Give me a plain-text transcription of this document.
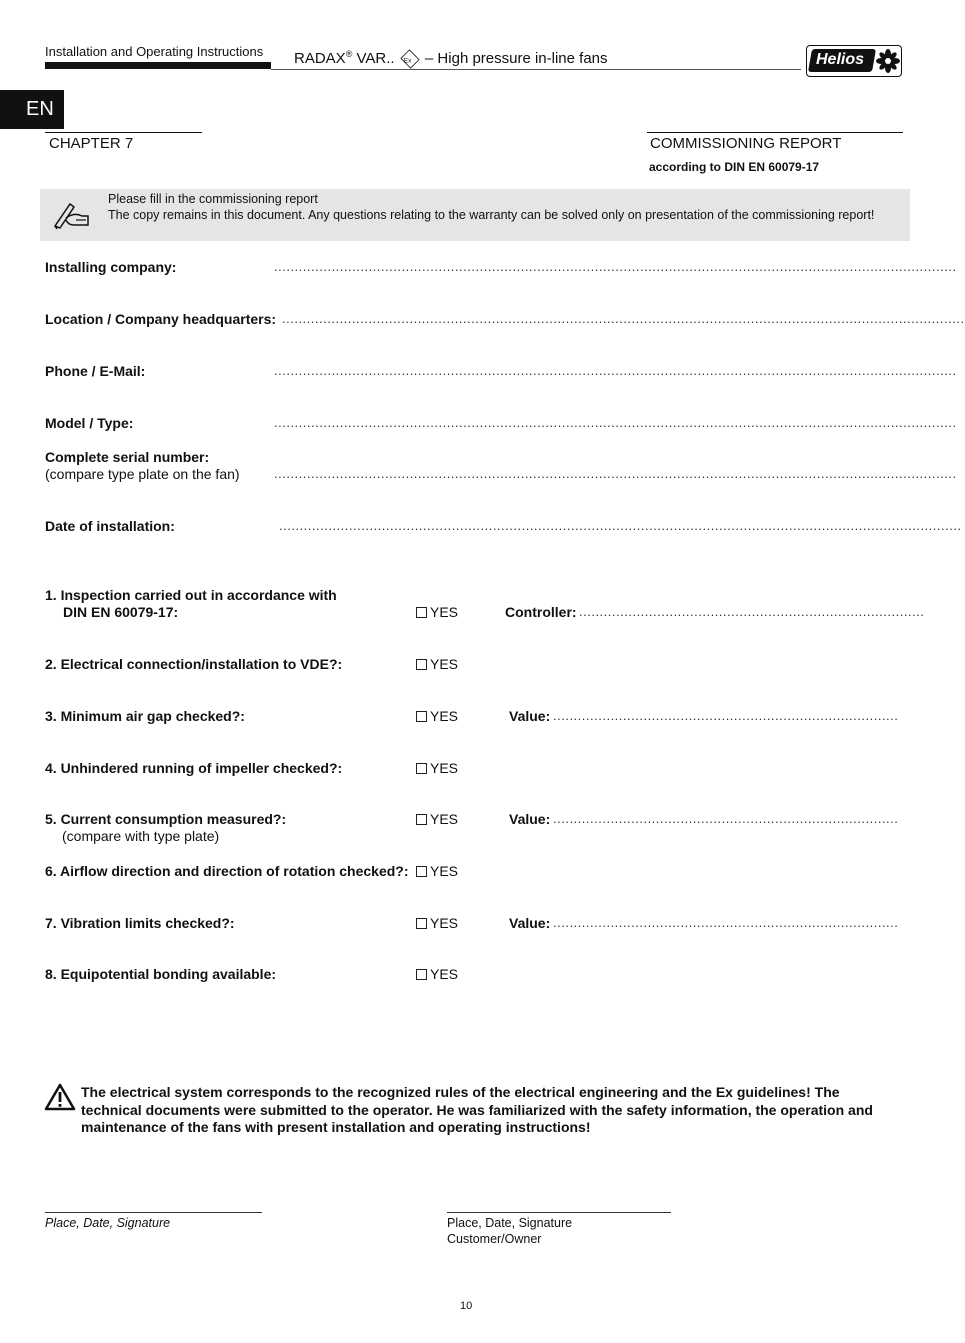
Installation and Operating Instructions RADAX® VAR.. Ex – High pressure in-line fans	Helios
EN
CHAPTER 7	COMMISSIONING REPORT
according to DIN EN 60079-17
Please fill in the commissioning report
The copy remains in this document. Any questions relating to the warranty can be solved only on presentation of the commissioning report!
Installing company:	......................................................................................................................................................................
Location / Company headquarters: ......................................................................................................................................................................
Phone / E-Mail:	......................................................................................................................................................................
Model / Type:	......................................................................................................................................................................
Complete serial number:
(compare type plate on the fan)	......................................................................................................................................................................
Date of installation:	......................................................................................................................................................................
1. Inspection carried out in accordance with
DIN EN 60079-17:	YES	Controller: ....................................................................................
2. Electrical connection/installation to VDE?:	YES
3. Minimum air gap checked?:	YES	Value: ....................................................................................
4. Unhindered running of impeller checked?:	YES
5. Current consumption measured?:
(compare with type plate)
YES	Value: ....................................................................................
6. Airflow direction and direction of rotation checked?:	YES
7. Vibration limits checked?:	YES	Value: ....................................................................................
8. Equipotential bonding available:	YES
The electrical system corresponds to the recognized rules of the electrical engineering and the Ex guidelines! The technical documents were submitted to the operator. He was familiarized with the safety information, the operation and maintenance of the fans with present installation and operating instructions!
Place, Date, Signature	Place, Date, Signature
Customer/Owner
10
